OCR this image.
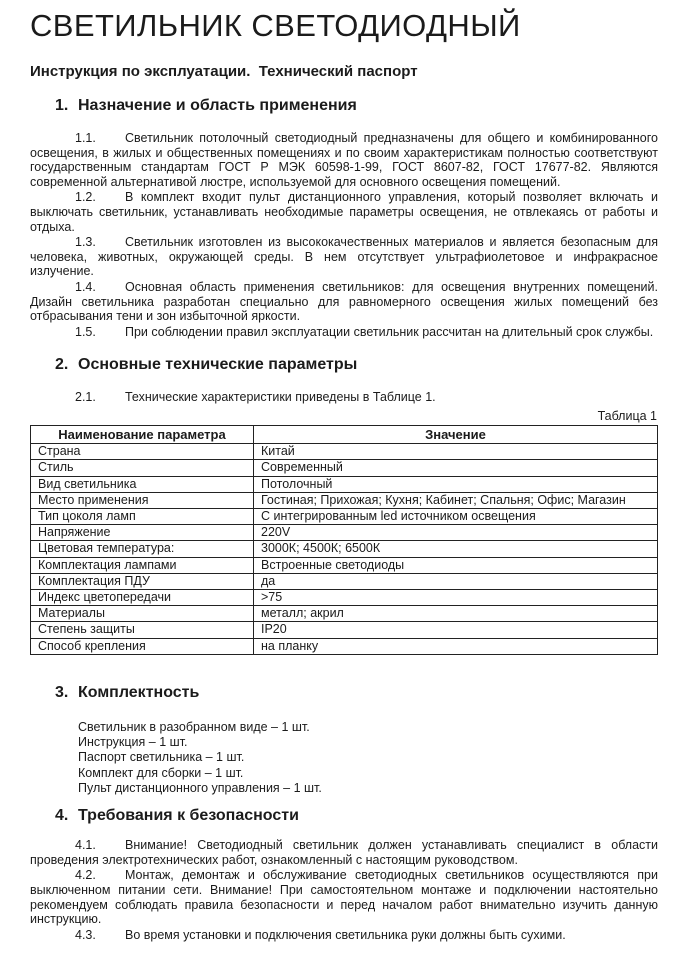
СВЕТИЛЬНИК СВЕТОДИОДНЫЙ
Инструкция по эксплуатации.  Технический паспорт
1. Назначение и область применения

1.1. Светильник потолочный светодиодный предназначены для общего и комбинированного освещения, в жилых и общественных помещениях и по своим характеристикам полностью соответствуют государственным стандартам ГОСТ Р МЭК 60598-1-99, ГОСТ 8607-82, ГОСТ 17677-82. Являются современной альтернативой люстре, используемой для основного освещения помещений.

1.2. В комплект входит пульт дистанционного управления, который позволяет включать и выключать светильник, устанавливать необходимые параметры освещения, не отвлекаясь от работы и отдыха.

1.3. Светильник изготовлен из высококачественных материалов и является безопасным для человека, животных, окружающей среды. В нем отсутствует ультрафиолетовое и инфракрасное излучение.

1.4. Основная область применения светильников: для освещения внутренних помещений. Дизайн светильника разработан специально для равномерного освещения жилых помещений без отбрасывания тени и зон избыточной яркости.

1.5. При соблюдении правил эксплуатации светильник рассчитан на длительный срок службы.

2. Основные технические параметры

2.1. Технические характеристики приведены в Таблице 1.

Таблица 1
Наименование параметра	Значение
Страна	Китай
Стиль	Современный
Вид светильника	Потолочный
Место применения	Гостиная; Прихожая; Кухня; Кабинет; Спальня; Офис; Магазин
Тип цоколя ламп	С интегрированным led источником освещения
Напряжение	220V
Цветовая температура:	3000К; 4500К; 6500К
Комплектация лампами	Встроенные светодиоды
Комплектация ПДУ	да
Индекс цветопередачи	>75
Материалы	металл; акрил
Степень защиты	IP20
Способ крепления	на планку
3. Комплектность

Светильник в разобранном виде – 1 шт.

Инструкция – 1 шт.

Паспорт светильника – 1 шт.

Комплект для сборки – 1 шт.

Пульт дистанционного управления – 1 шт.

4. Требования к безопасности

4.1. Внимание! Светодиодный светильник должен устанавливать специалист в области проведения электротехнических работ, ознакомленный с настоящим руководством.

4.2. Монтаж, демонтаж и обслуживание светодиодных светильников осуществляются при выключенном питании сети. Внимание! При самостоятельном монтаже и подключении настоятельно рекомендуем соблюдать правила безопасности и перед началом работ внимательно изучить данную инструкцию.

4.3. Во время установки и подключения светильника руки должны быть сухими.
